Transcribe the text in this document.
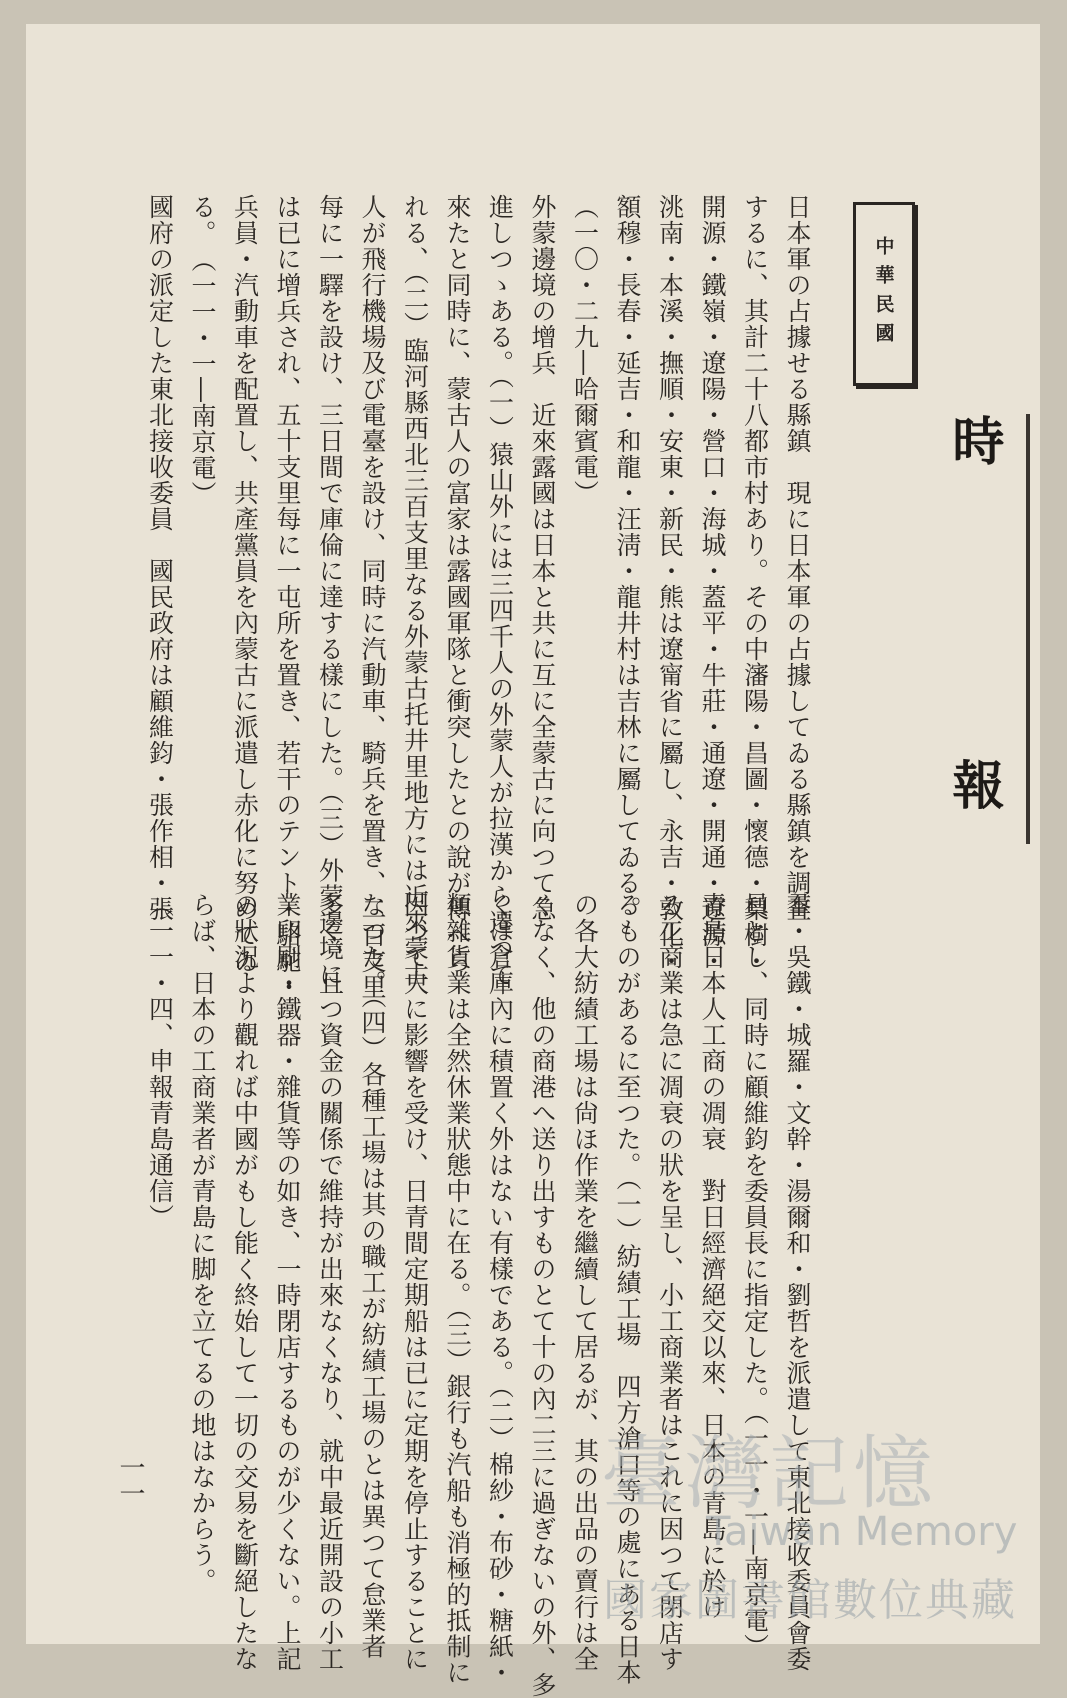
時　報
中華民國
日本軍の占據せる縣鎮　現に日本軍の占據してゐる縣鎮を調査
するに、其計二十八都市村あり。その中瀋陽・昌圖・懷德・梨樹・
開源・鐵嶺・遼陽・營口・海城・蓋平・牛莊・通遼・開通・遼源・
洮南・本溪・撫順・安東・新民・熊は遼甯省に屬し、永吉・敦化・
額穆・長春・延吉・和龍・汪淸・龍井村は吉林に屬してゐる。
（一〇・二九―哈爾賓電）
外蒙邊境の增兵　近來露國は日本と共に互に全蒙古に向つて急
進しつゝある。（一）猿山外には三四千人の外蒙人が拉漢から遷つて
來たと同時に、蒙古人の富家は露國軍隊と衝突したとの說が傳へら
れる、（二）臨河縣西北三百支里なる外蒙古托井里地方には近來蒙古
人が飛行機場及び電臺を設け、同時に汽動車、騎兵を置き、二百支里
每に一驛を設け、三日間で庫倫に達する樣にした。（三）外蒙邊境に
は已に增兵され、五十支里每に一屯所を置き、若干のテント・駱駝・
兵員・汽動車を配置し、共產黨員を內蒙古に派遣し赤化に努めてゐ
る。　（一一・一―南京電）
國府の派定した東北接收委員　國民政府は顧維鈞・張作相・張
羣・吳鐵・城羅・文幹・湯爾和・劉哲を派遣して東北接收委員會委
員とし、同時に顧維鈞を委員長に指定した。（一一・一―南京電）
青島日本人工商の凋衰　對日經濟絕交以來、日本の青島に於け
る工商業は急に凋衰の狀を呈し、小工商業者はこれに因つて閉店す
るものがあるに至つた。（一）紡績工場　四方滄口等の處にある日本
の各大紡績工場は尙ほ作業を繼續して居るが、其の出品の賣行は全
くなく、他の商港へ送り出すものとて十の內二三に過ぎないの外、多
くは倉庫內に積置く外はない有樣である。（二）棉紗・布砂・糖紙・
類雜貨業は全然休業狀態中に在る。（三）銀行も汽船も消極的抵制に
因つて大に影響を受け、日青間定期船は已に定期を停止することに
なつた。（四）各種工場は其の職工が紡績工場のとは異つて怠業者
多く、且つ資金の關係で維持が出來なくなり、就中最近開設の小工
業印刷・鐵器・雜貨等の如き、一時閉店するものが少くない。上記
の狀況より觀れば中國がもし能く終始して一切の交易を斷絕したな
らば、日本の工商業者が青島に脚を立てるの地はなからう。
（一一・四、申報青島通信）
一一	臺灣記憶
Taiwan Memory
國家圖書館數位典藏
